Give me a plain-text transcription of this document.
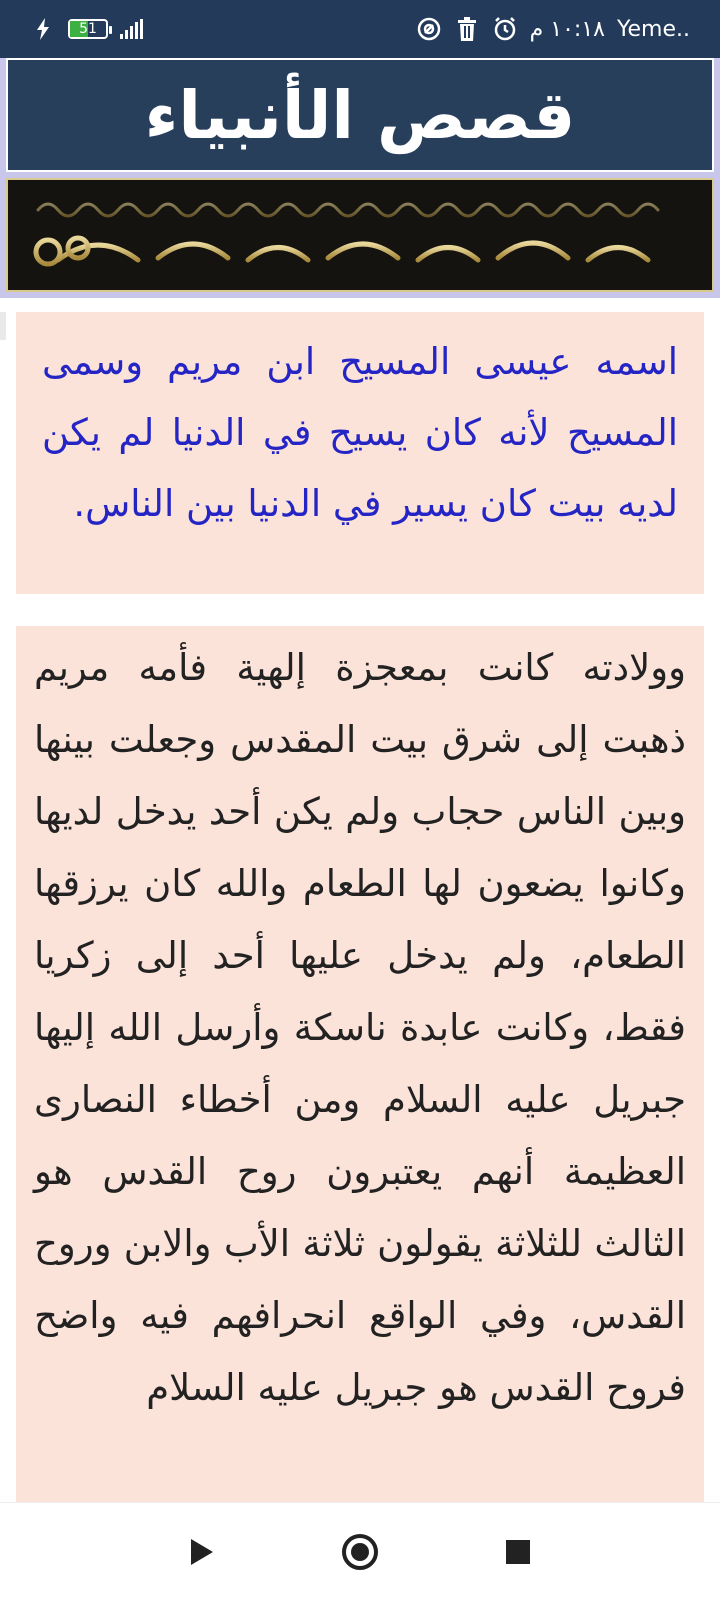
51	١٠:١٨ م Yeme..
قصص الأنبياء

اسمه عيسى المسيح ابن مريم وسمى المسيح لأنه كان يسيح في الدنيا لم يكن لديه بيت كان يسير في الدنيا بين الناس.

وولادته كانت بمعجزة إلهية فأمه مريم ذهبت إلى شرق بيت المقدس وجعلت بينها وبين الناس حجاب ولم يكن أحد يدخل لديها وكانوا يضعون لها الطعام والله كان يرزقها الطعام، ولم يدخل عليها أحد إلى زكريا فقط، وكانت عابدة ناسكة وأرسل الله إليها جبريل عليه السلام ومن أخطاء النصارى العظيمة أنهم يعتبرون روح القدس هو الثالث للثلاثة يقولون ثلاثة الأب والابن وروح القدس، وفي الواقع انحرافهم فيه واضح فروح القدس هو جبريل عليه السلام
